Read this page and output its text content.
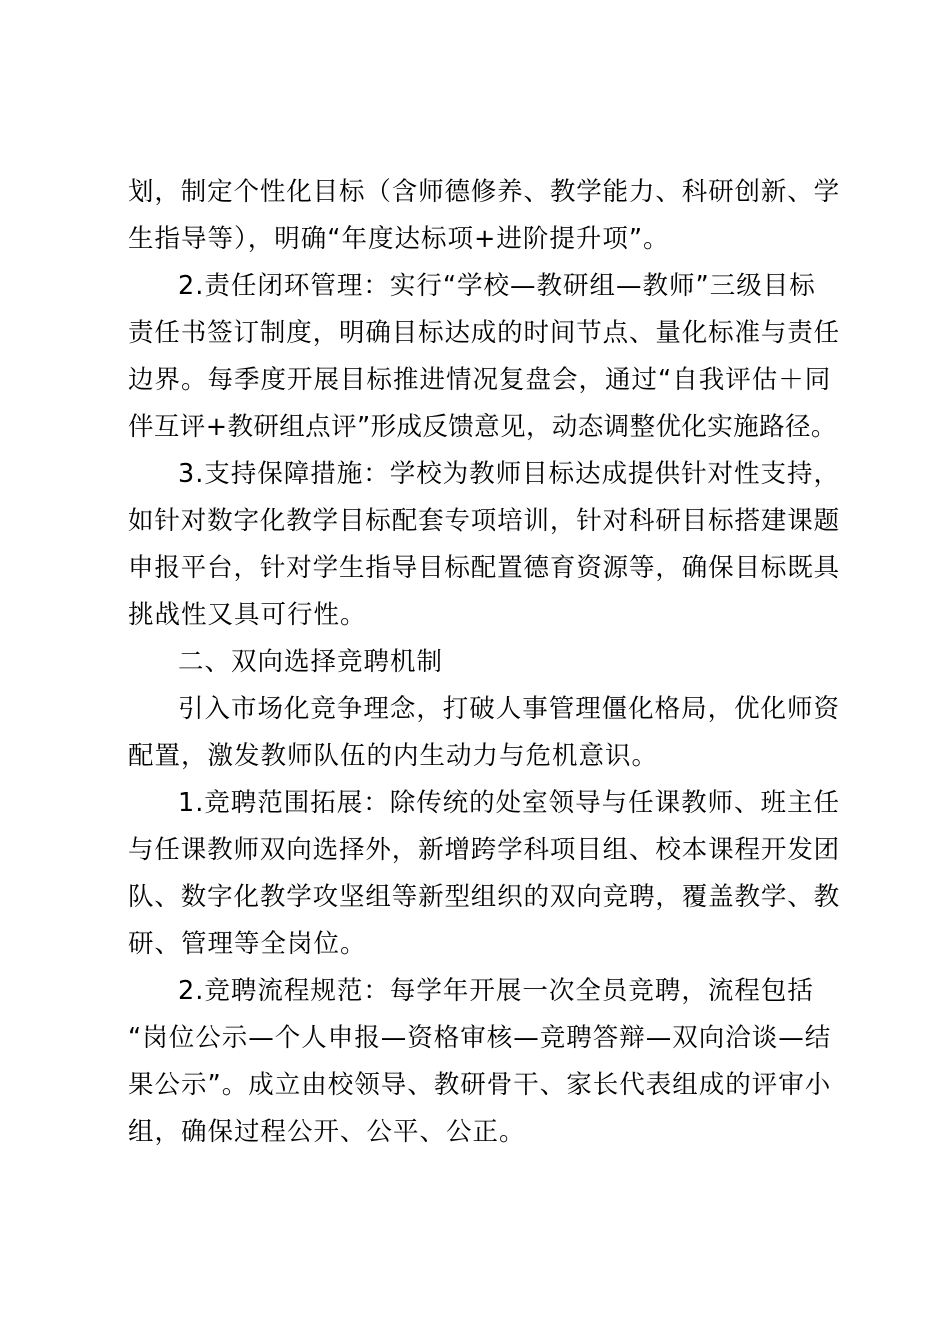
划，制定个性化目标（含师德修养、教学能力、科研创新、学
生指导等），明确“年度达标项+进阶提升项”。
2.责任闭环管理：实行“学校—教研组—教师”三级目标
责任书签订制度，明确目标达成的时间节点、量化标准与责任
边界。每季度开展目标推进情况复盘会，通过“自我评估＋同
伴互评+教研组点评”形成反馈意见，动态调整优化实施路径。
3.支持保障措施：学校为教师目标达成提供针对性支持，
如针对数字化教学目标配套专项培训，针对科研目标搭建课题
申报平台，针对学生指导目标配置德育资源等，确保目标既具
挑战性又具可行性。
二、双向选择竞聘机制
引入市场化竞争理念，打破人事管理僵化格局，优化师资
配置，激发教师队伍的内生动力与危机意识。
1.竞聘范围拓展：除传统的处室领导与任课教师、班主任
与任课教师双向选择外，新增跨学科项目组、校本课程开发团
队、数字化教学攻坚组等新型组织的双向竞聘，覆盖教学、教
研、管理等全岗位。
2.竞聘流程规范：每学年开展一次全员竞聘，流程包括
“岗位公示—个人申报—资格审核—竞聘答辩—双向洽谈—结
果公示”。成立由校领导、教研骨干、家长代表组成的评审小
组，确保过程公开、公平、公正。
